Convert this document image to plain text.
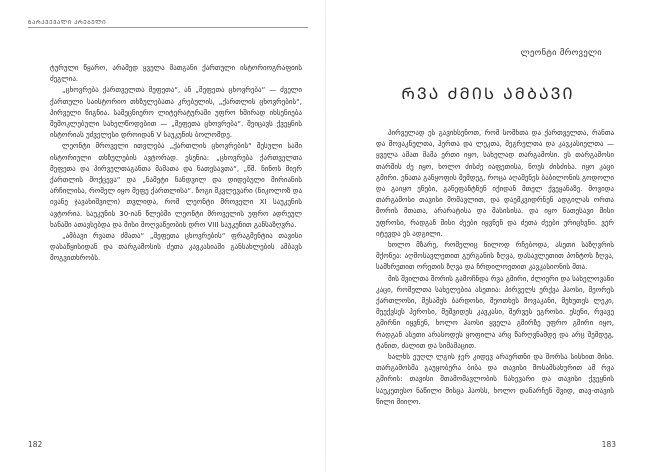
ᲜᲐᲠᲙᲕᲔᲕᲐᲚᲘ ᲙᲠᲔᲑᲣᲚᲘ

ტურული წყარო, არამედ ყველა მათგანი ქართული ისტორიოგრაფიის ძეგლია.

„ცხოვრება ქართველთა მეფეთა“, ან „მეფეთა ცხოვრება“ — ძველი ქართული საისტორიო თხზულებათა კრებულის, „ქართლის ცხოვრების“, პირველი წიგნია. სამეცნიერო ლიტერატურაში უფრო ხშირად იხსენიება შემოკლებული სახელწოდებით — „მეფეთა ცხოვრება“. შეიცავს ქვეყნის ისტორიას უძველესი დროიდან V საუკუნის ბოლომდე.

ლეონტი მროველი ითვლება „ქართლის ცხოვრების“ შესული სამი ისტორიული თხზულების ავტორად. ესენია: „ცხოვრება ქართველთა მეფეთა და პირველთაგანთა მამათა და ნათესავთა“, „წმ. ნინოს მიერ ქართლის მოქცევა“ და „ნამეტი ნანდვილ და დიდებული მირიანის არჩილისა, რომელ იყო მეფე ქართლისა“. ზოგი მკვლევარი (ნიკოლოზ და ივანე ჯავახიშვილი) თვლიდა, რომ ლეონტი მროველი XI საუკუნის ავტორია. საუკუნის 30-იან წლებში ლეონტი მროველის უფრო ადრეულ ხანაში ათავსებდა და მისი მოღვაწეობის დრო VIII საუკუნით განსაზღვრა.

„ამბავი რვათა ძმათა“ „მეფეთა ცხოვრების“ ფრაგმენტია თავისი დასაწყისიდან და თარგამოსის ძეთა კავკასიაში განსახლების ამბავს მოგვითხრობს.

182
ლეონტი მროველი
ᲠᲕᲐ ᲫᲛᲘᲡ ᲐᲛᲑᲐᲕᲘ

პირველად ეს გავიხსენოთ, რომ სომხთა და ქართველთა, რანთა და მოვაკნელთა, ჰერთა და ლეკთა, მეგრელთა და კავკასიელთა — ყველა ამათ მამა ერთი იყო, სახელად თარგამოსი. ეს თარგამოსი თარშის ძე იყო, ხოლო ძისძე იაფეთისა, ნოეს ძისძისა. იყო კაცი გმირი. ენათა განყოფის შემდეგ, როცა აღაშენეს ბაბილონის გოდოლი და გაიყო ენები, განეფანტნენ იქიდან მთელ ქვეყანაზე. მოვიდა თარგამოსი თავისი მომავლით, და დაემკვიდრნენ ადგილას ორთა შორის მთათა, არარატისა და მასისისა. და იყო ნათესავი მისი უფროსი, რადგან მისი ძეები იყვნენ და ძეთა ძეები ურიცხვნი. ვერ იტევდა ეს ადგილი.

ხოლო მზარე, რომელიც ნილოდ რჩებოდა, ასეთი საზღვრის მქონეა: აღმოსავლეთით გურგანის ზღვა, დასავლეთით პონტოს ზღვა, სამხრეთით ორეთის ზღვა და ჩრდილოეთით კავკასიონის მთა.

მის შვილთა შორის გამოჩნდა რვა გმირი, ძლიერი და სახელოვანი კაცი, რომელთა სახელებია ასეთია: პირველს ერქვა ჰაოსი, მეორეს ქართლოსი, მესამეს ბარდოსი, მეოთხეს მოვაკანი, მეხუთეს ლეკი, მეექვსეს ჰეროსი, მეშვიდეს კავკასი, მერვეს ეგროსი. ესენი, რვავე გმირნი იყვნენ, ხოლო ჰაოსი ყველა გმირზე უფრო გმირი იყო, რადგან ასეთი არასოდეს ყოფილა არც წარღვნამდე და არც შემდეგ, ტანით, ძალით და სიმამაცით.

ხალხს ეუღლ ლგის ჯერ კიდევ არაერთნი და შორსა სისხით მისი. თარგამოსმა გაუყობერა ბიბა და თავისი მოსამსახურით ამ რვა გმირის: თავისი შთამომავლობის ნახევარი და თავისი ქვეყნის საუკეთესო ნაწილი მისცა ჰაოსს, ხოლო დანარჩენ შვიდ, თავ-თავის წილი მიიღო.

183
